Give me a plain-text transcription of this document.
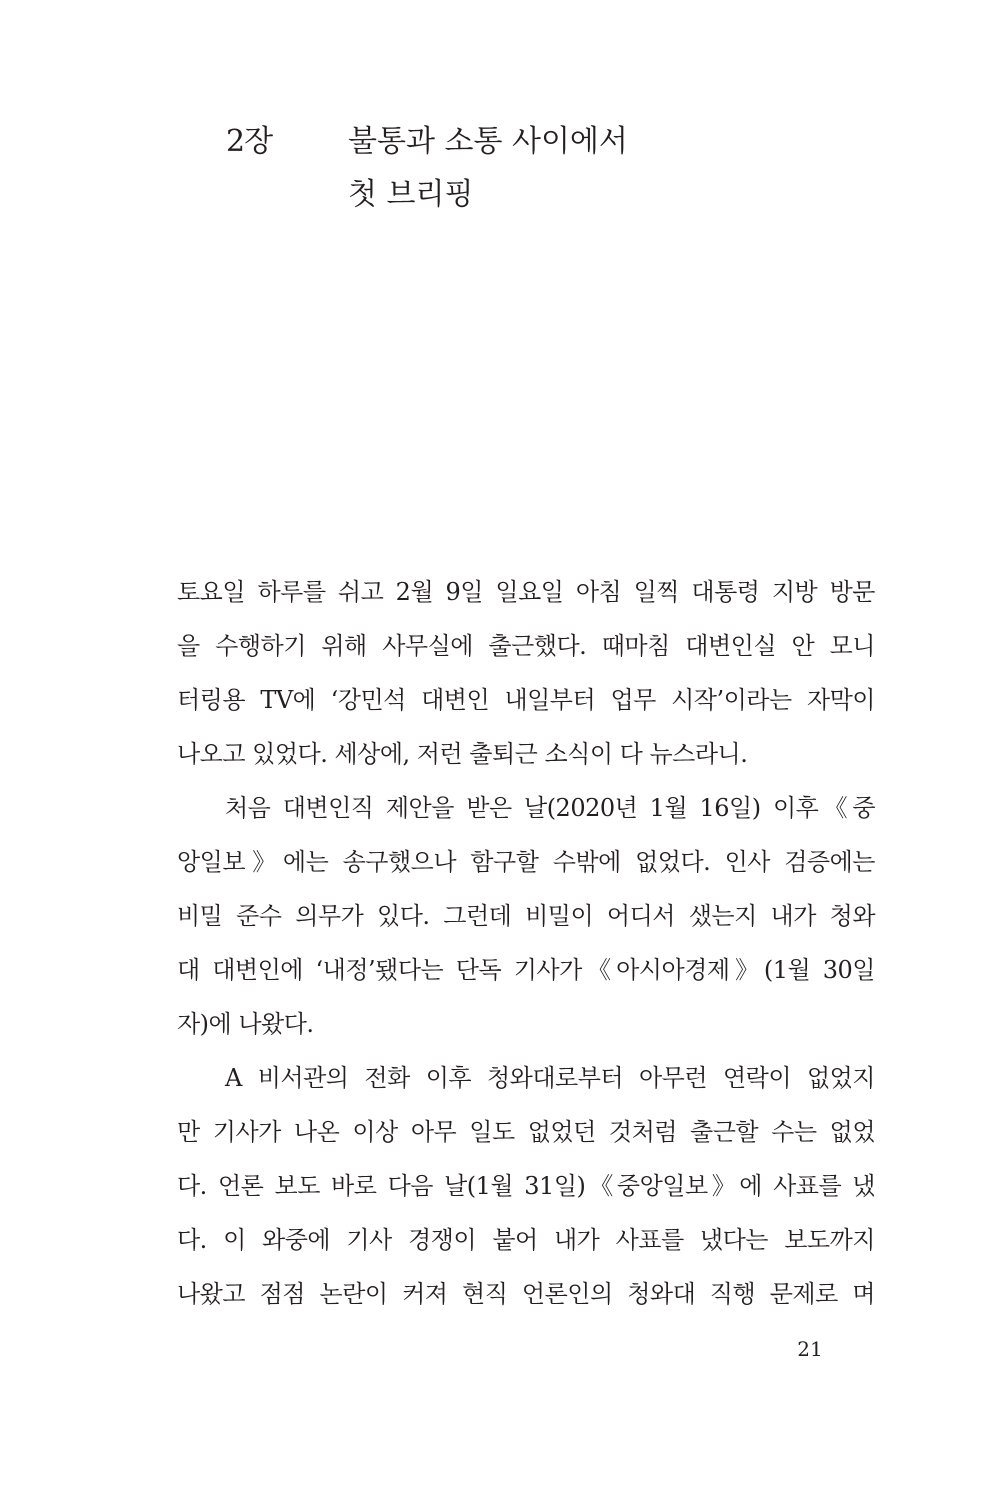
2장	불통과 소통 사이에서
첫 브리핑
토요일 하루를 쉬고 2월 9일 일요일 아침 일찍 대통령 지방 방문
을 수행하기 위해 사무실에 출근했다. 때마침 대변인실 안 모니
터링용 TV에 ‘강민석 대변인 내일부터 업무 시작’이라는 자막이
나오고 있었다. 세상에, 저런 출퇴근 소식이 다 뉴스라니.
처음 대변인직 제안을 받은 날(2020년 1월 16일) 이후《중
앙일보》에는 송구했으나 함구할 수밖에 없었다. 인사 검증에는
비밀 준수 의무가 있다. 그런데 비밀이 어디서 샜는지 내가 청와
대 대변인에 ‘내정’됐다는 단독 기사가《아시아경제》(1월 30일
자)에 나왔다.
A 비서관의 전화 이후 청와대로부터 아무런 연락이 없었지
만 기사가 나온 이상 아무 일도 없었던 것처럼 출근할 수는 없었
다. 언론 보도 바로 다음 날(1월 31일)《중앙일보》에 사표를 냈
다. 이 와중에 기사 경쟁이 붙어 내가 사표를 냈다는 보도까지
나왔고 점점 논란이 커져 현직 언론인의 청와대 직행 문제로 며
21
